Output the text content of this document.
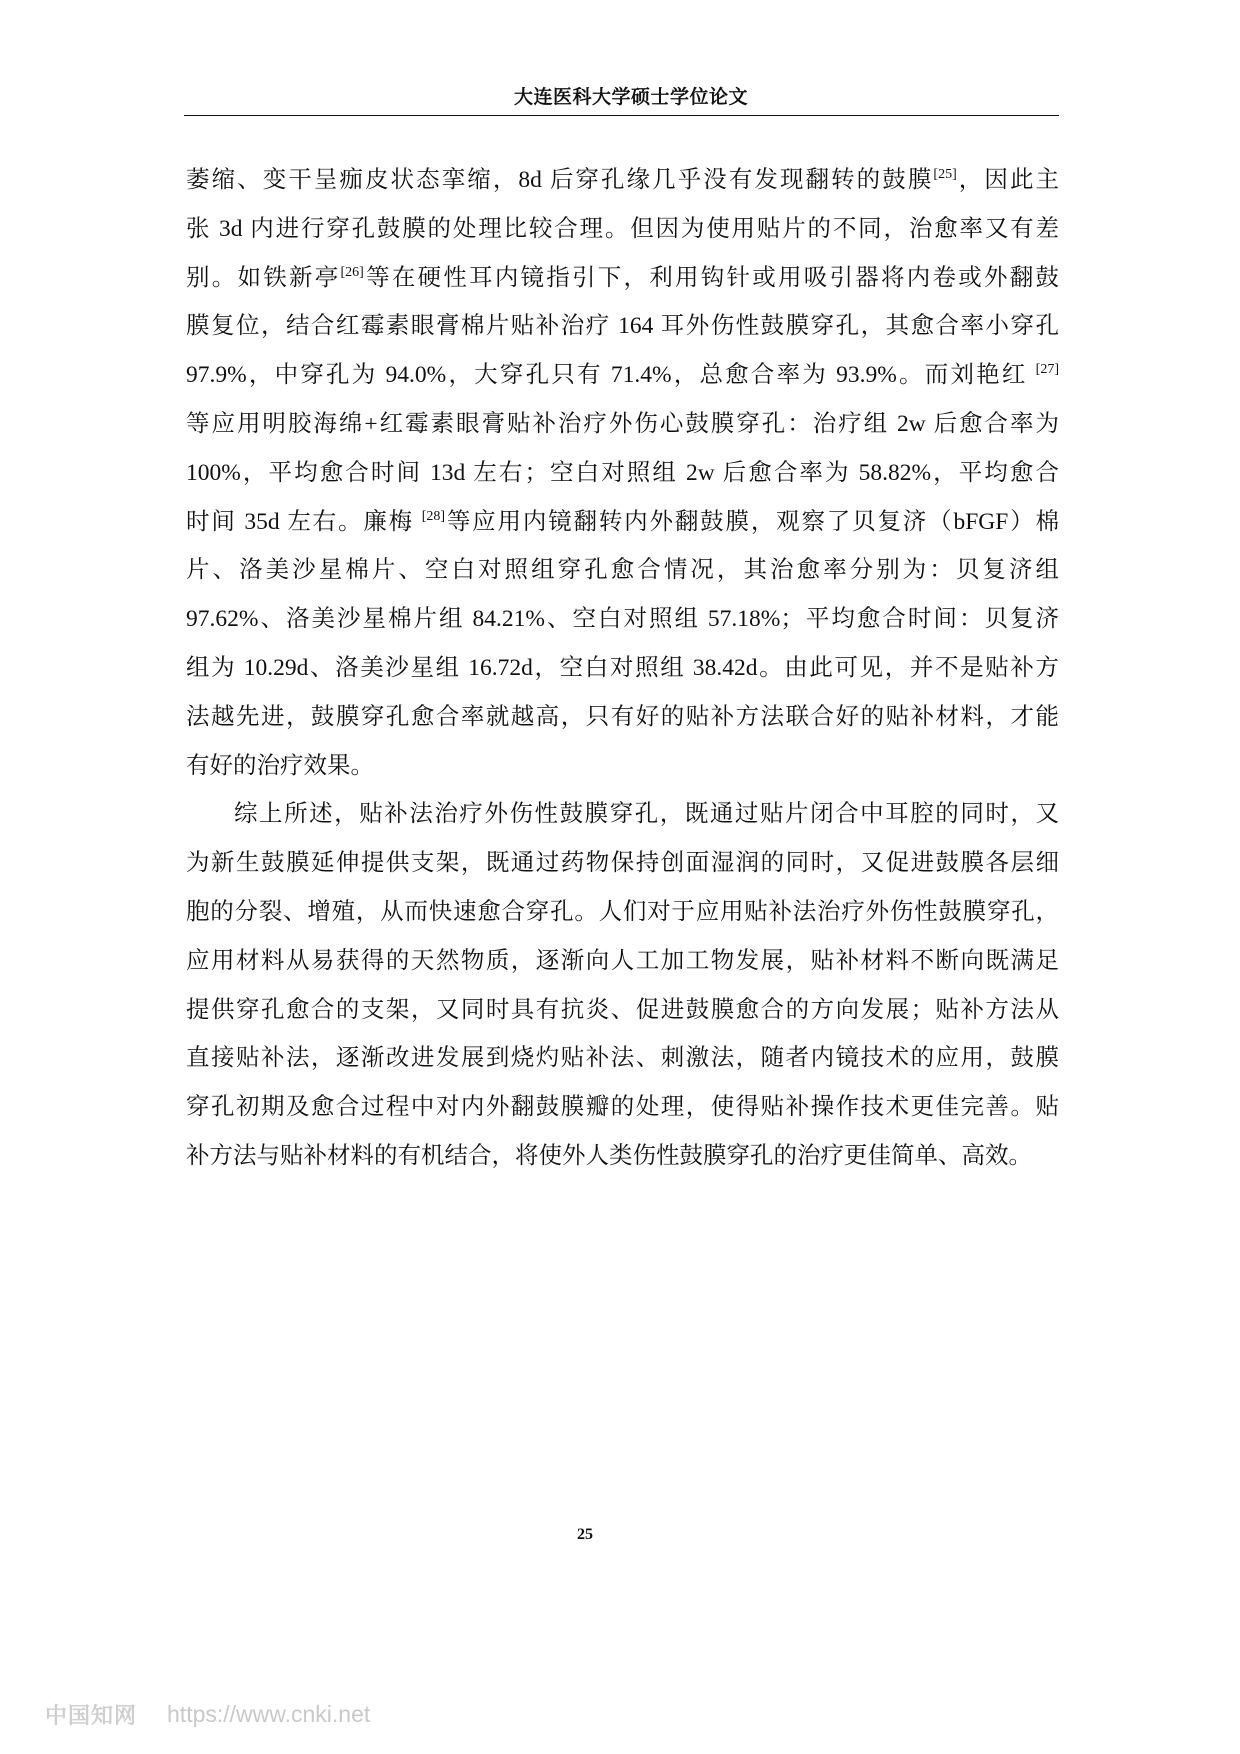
大连医科大学硕士学位论文
萎缩、变干呈痂皮状态挛缩，8d 后穿孔缘几乎没有发现翻转的鼓膜[25]，因此主
张 3d 内进行穿孔鼓膜的处理比较合理。但因为使用贴片的不同，治愈率又有差
别。如铁新亭[26]等在硬性耳内镜指引下，利用钩针或用吸引器将内卷或外翻鼓
膜复位，结合红霉素眼膏棉片贴补治疗 164 耳外伤性鼓膜穿孔，其愈合率小穿孔
97.9%，中穿孔为 94.0%，大穿孔只有 71.4%，总愈合率为 93.9%。而刘艳红 [27]
等应用明胶海绵+红霉素眼膏贴补治疗外伤心鼓膜穿孔：治疗组 2w 后愈合率为
100%，平均愈合时间 13d 左右；空白对照组 2w 后愈合率为 58.82%，平均愈合
时间 35d 左右。廉梅 [28]等应用内镜翻转内外翻鼓膜，观察了贝复济（bFGF）棉
片、洛美沙星棉片、空白对照组穿孔愈合情况，其治愈率分别为：贝复济组
97.62%、洛美沙星棉片组 84.21%、空白对照组 57.18%；平均愈合时间：贝复济
组为 10.29d、洛美沙星组 16.72d，空白对照组 38.42d。由此可见，并不是贴补方
法越先进，鼓膜穿孔愈合率就越高，只有好的贴补方法联合好的贴补材料，才能
有好的治疗效果。
综上所述，贴补法治疗外伤性鼓膜穿孔，既通过贴片闭合中耳腔的同时，又
为新生鼓膜延伸提供支架，既通过药物保持创面湿润的同时，又促进鼓膜各层细
胞的分裂、增殖，从而快速愈合穿孔。人们对于应用贴补法治疗外伤性鼓膜穿孔，
应用材料从易获得的天然物质，逐渐向人工加工物发展，贴补材料不断向既满足
提供穿孔愈合的支架，又同时具有抗炎、促进鼓膜愈合的方向发展；贴补方法从
直接贴补法，逐渐改进发展到烧灼贴补法、刺激法，随者内镜技术的应用，鼓膜
穿孔初期及愈合过程中对内外翻鼓膜瓣的处理，使得贴补操作技术更佳完善。贴
补方法与贴补材料的有机结合，将使外人类伤性鼓膜穿孔的治疗更佳简单、高效。
25
中国知网 https://www.cnki.net
